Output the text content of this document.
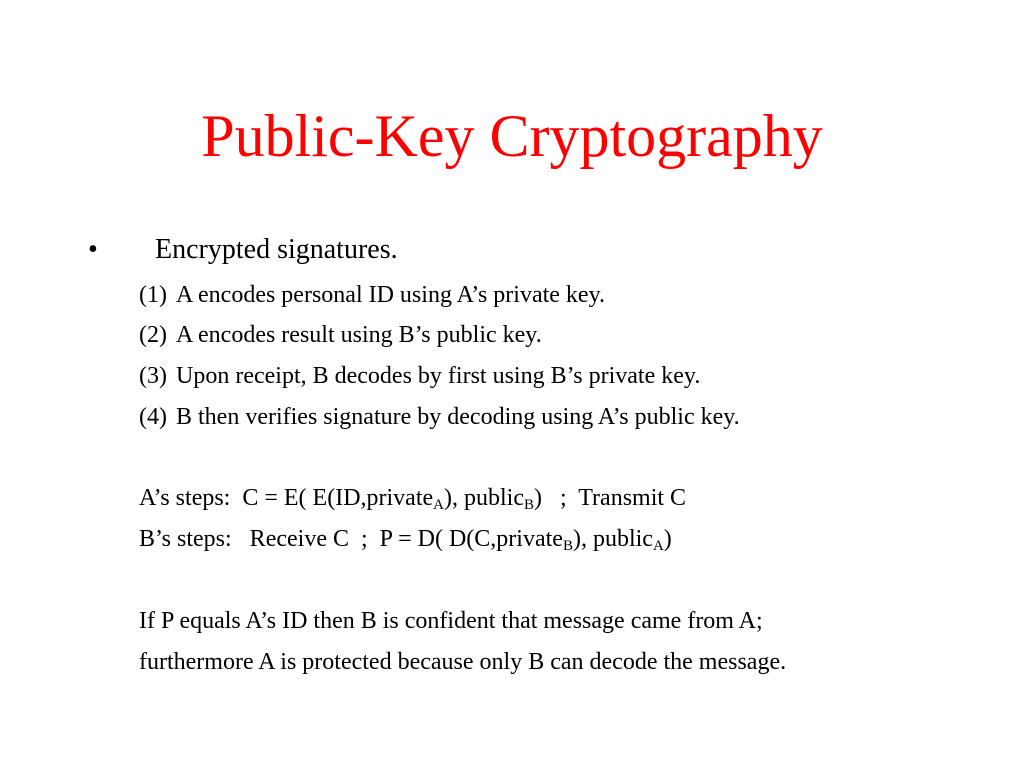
Public-Key Cryptography
• Encrypted signatures.
(1) A encodes personal ID using A’s private key.
(2) A encodes result using B’s public key.
(3) Upon receipt, B decodes by first using B’s private key.
(4) B then verifies signature by decoding using A’s public key.
A’s steps:  C = E( E(ID,private$_A$), public$_B$)   ;  Transmit C
B’s steps:   Receive C  ;  P = D( D(C,private$_B$), public$_A$)
If P equals A’s ID then B is confident that message came from A;
furthermore A is protected because only B can decode the message.
